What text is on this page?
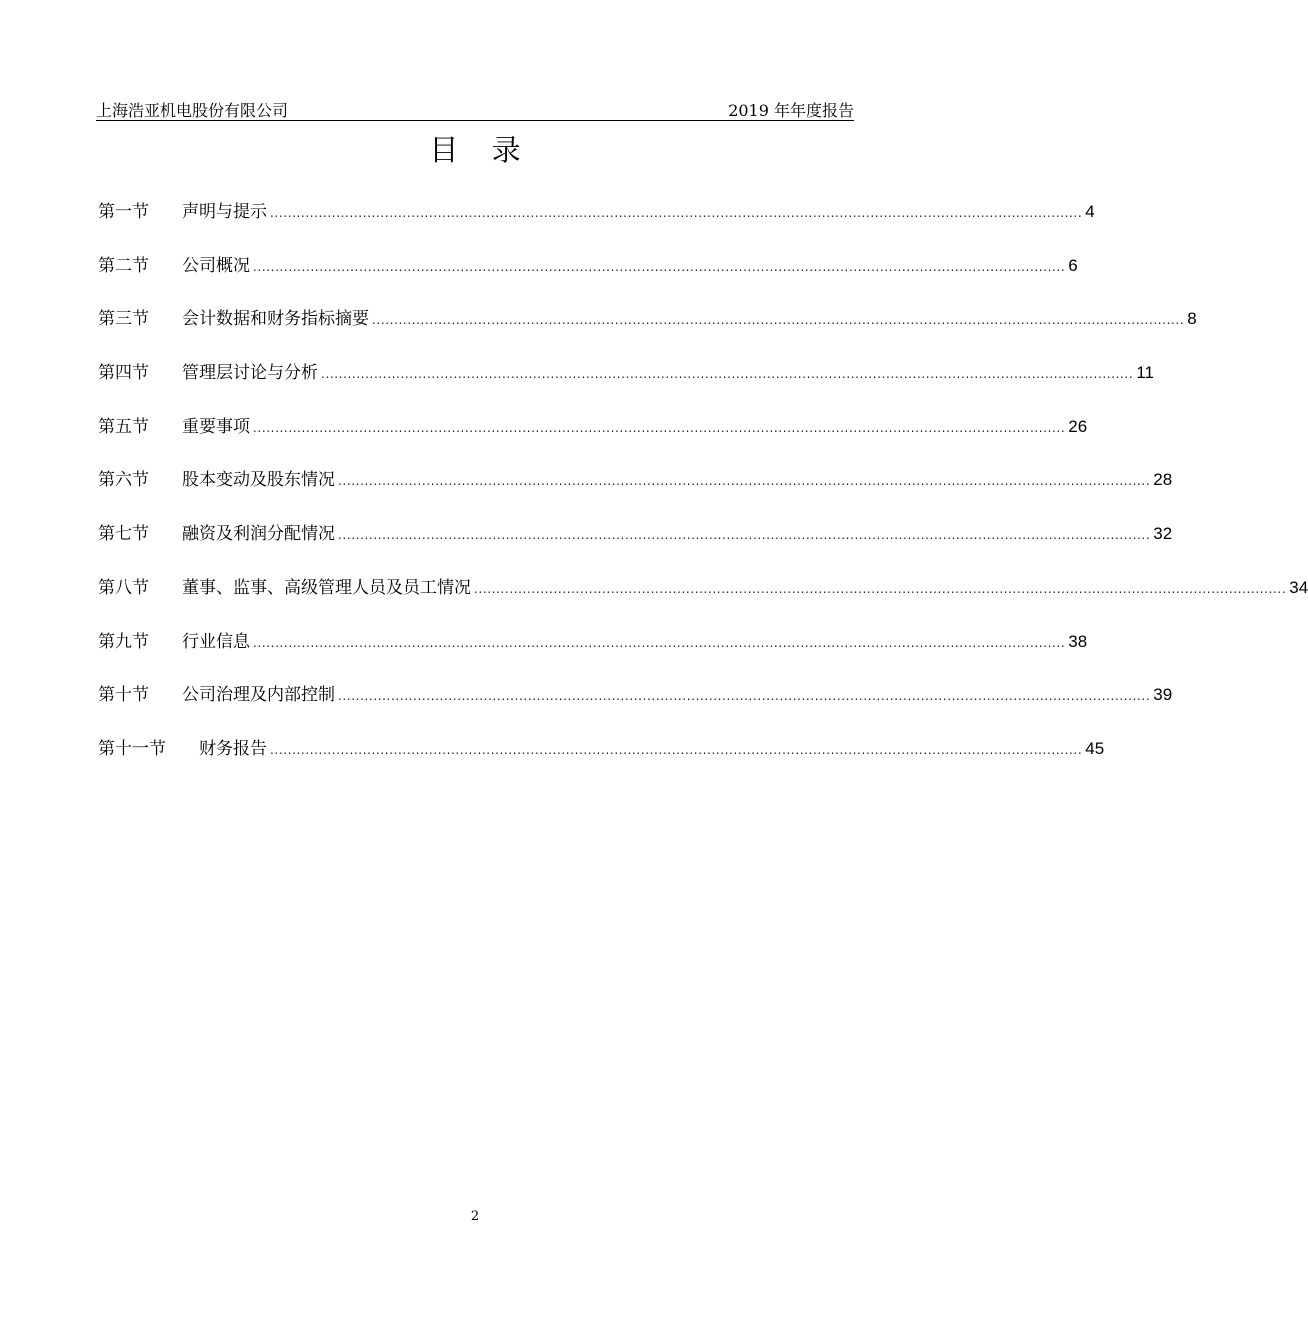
上海浩亚机电股份有限公司	2019 年年度报告
目 录
第一节	声明与提示 ........................................................................................................................................................................................ 4
第二节	公司概况 ........................................................................................................................................................................................ 6
第三节	会计数据和财务指标摘要 ........................................................................................................................................................................................ 8
第四节	管理层讨论与分析 ........................................................................................................................................................................................ 11
第五节	重要事项 ........................................................................................................................................................................................ 26
第六节	股本变动及股东情况 ........................................................................................................................................................................................ 28
第七节	融资及利润分配情况 ........................................................................................................................................................................................ 32
第八节	董事、监事、高级管理人员及员工情况 ........................................................................................................................................................................................ 34
第九节	行业信息 ........................................................................................................................................................................................ 38
第十节	公司治理及内部控制 ........................................................................................................................................................................................ 39
第十一节	财务报告 ........................................................................................................................................................................................ 45
2
